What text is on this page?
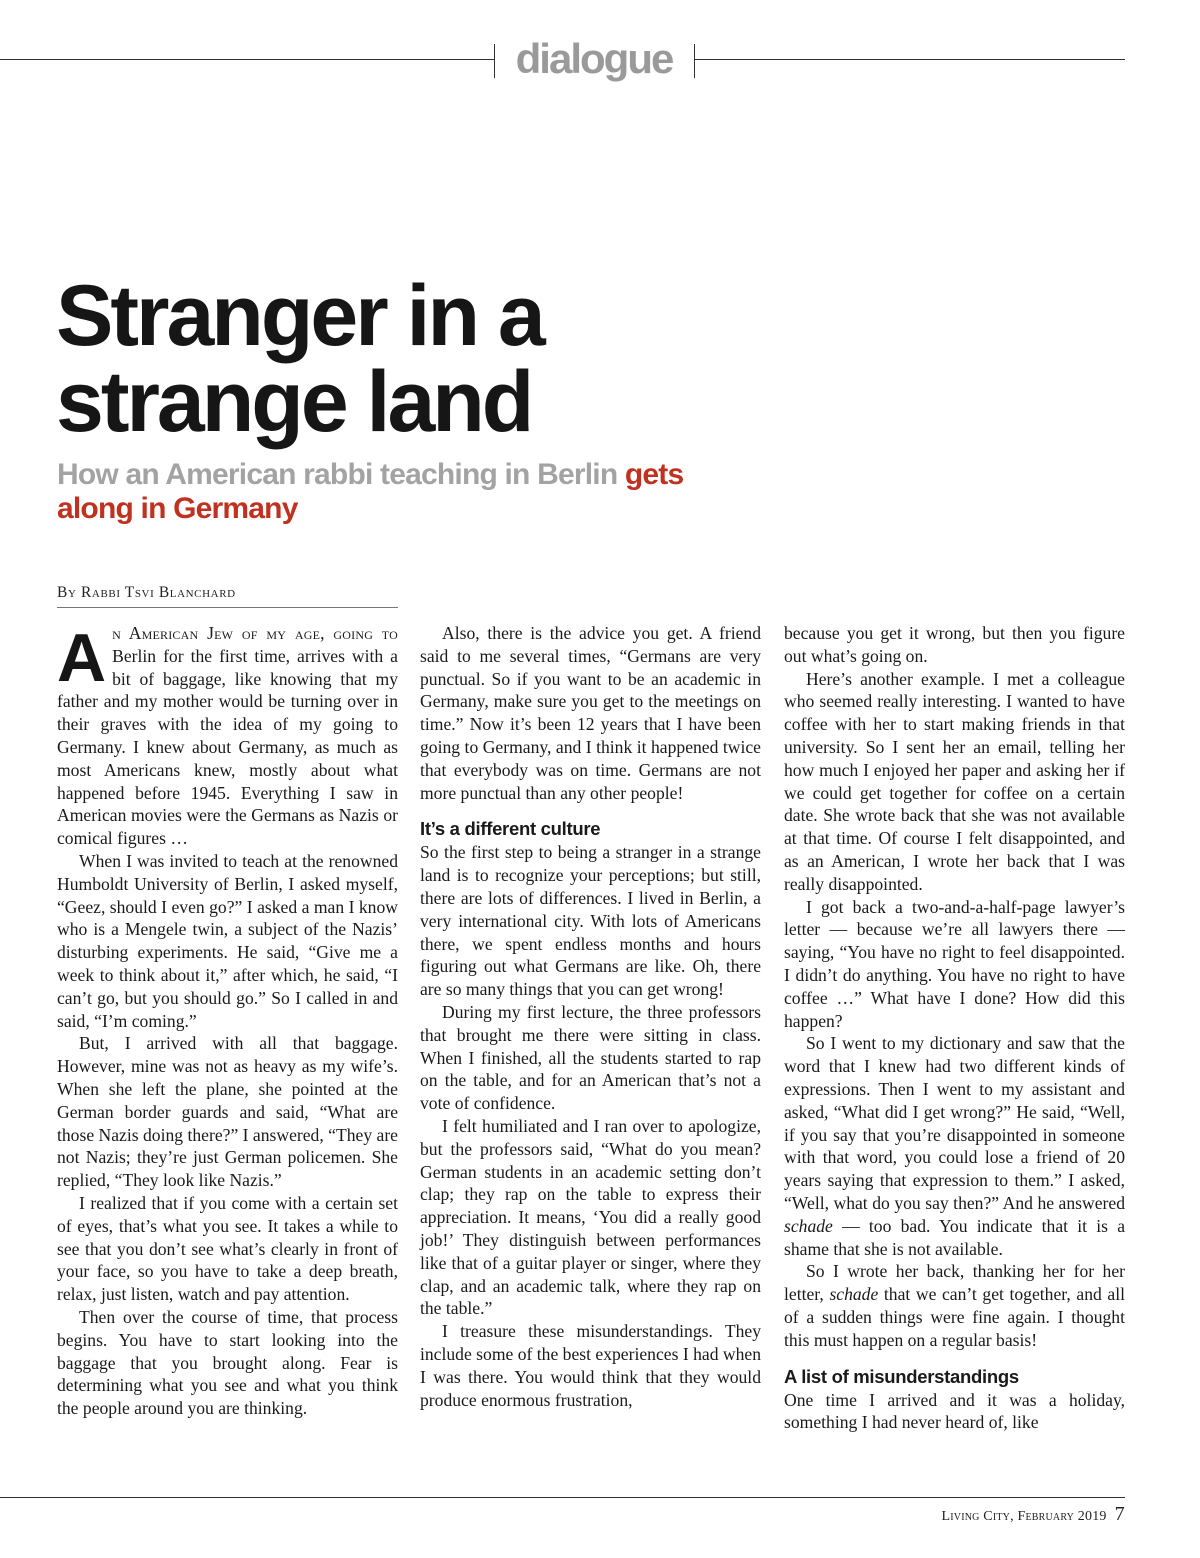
dialogue
Stranger in a
strange land
How an American rabbi teaching in Berlin gets along in Germany
By Rabbi Tsvi Blanchard

An American Jew of my age, going to Berlin for the first time, arrives with a bit of baggage, like knowing that my father and my mother would be turning over in their graves with the idea of my going to Germany. I knew about Germany, as much as most Americans knew, mostly about what happened before 1945. Everything I saw in American movies were the Germans as Nazis or comical figures …

When I was invited to teach at the renowned Humboldt University of Berlin, I asked myself, “Geez, should I even go?” I asked a man I know who is a Mengele twin, a subject of the Nazis’ disturbing experiments. He said, “Give me a week to think about it,” after which, he said, “I can’t go, but you should go.” So I called in and said, “I’m coming.”

But, I arrived with all that baggage. However, mine was not as heavy as my wife’s. When she left the plane, she pointed at the German border guards and said, “What are those Nazis doing there?” I answered, “They are not Nazis; they’re just German policemen. She replied, “They look like Nazis.”

I realized that if you come with a certain set of eyes, that’s what you see. It takes a while to see that you don’t see what’s clearly in front of your face, so you have to take a deep breath, relax, just listen, watch and pay attention.

Then over the course of time, that process begins. You have to start looking into the baggage that you brought along. Fear is determining what you see and what you think the people around you are thinking.

Also, there is the advice you get. A friend said to me several times, “Germans are very punctual. So if you want to be an academic in Germany, make sure you get to the meetings on time.” Now it’s been 12 years that I have been going to Germany, and I think it happened twice that everybody was on time. Germans are not more punctual than any other people!

It’s a different culture

So the first step to being a stranger in a strange land is to recognize your perceptions; but still, there are lots of differences. I lived in Berlin, a very international city. With lots of Americans there, we spent endless months and hours figuring out what Germans are like. Oh, there are so many things that you can get wrong!

During my first lecture, the three professors that brought me there were sitting in class. When I finished, all the students started to rap on the table, and for an American that’s not a vote of confidence.

I felt humiliated and I ran over to apologize, but the professors said, “What do you mean? German students in an academic setting don’t clap; they rap on the table to express their appreciation. It means, ‘You did a really good job!’ They distinguish between performances like that of a guitar player or singer, where they clap, and an academic talk, where they rap on the table.”

I treasure these misunderstandings. They include some of the best experiences I had when I was there. You would think that they would produce enormous frustration,

because you get it wrong, but then you figure out what’s going on.

Here’s another example. I met a colleague who seemed really interesting. I wanted to have coffee with her to start making friends in that university. So I sent her an email, telling her how much I enjoyed her paper and asking her if we could get together for coffee on a certain date. She wrote back that she was not available at that time. Of course I felt disappointed, and as an American, I wrote her back that I was really disappointed.

I got back a two-and-a-half-page lawyer’s letter — because we’re all lawyers there — saying, “You have no right to feel disappointed. I didn’t do anything. You have no right to have coffee …” What have I done? How did this happen?

So I went to my dictionary and saw that the word that I knew had two different kinds of expressions. Then I went to my assistant and asked, “What did I get wrong?” He said, “Well, if you say that you’re disappointed in someone with that word, you could lose a friend of 20 years saying that expression to them.” I asked, “Well, what do you say then?” And he answered schade — too bad. You indicate that it is a shame that she is not available.

So I wrote her back, thanking her for her letter, schade that we can’t get together, and all of a sudden things were fine again. I thought this must happen on a regular basis!

A list of misunderstandings

One time I arrived and it was a holiday, something I had never heard of, like

Living City, February 2019 7
